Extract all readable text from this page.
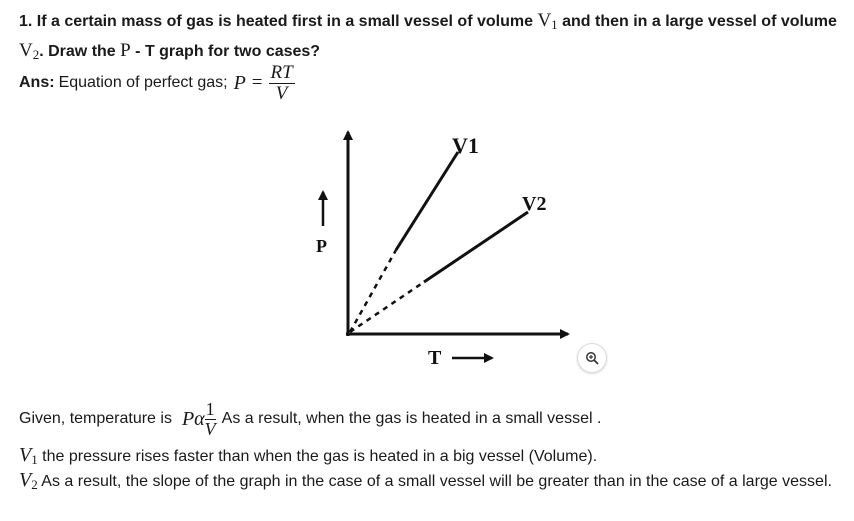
1. If a certain mass of gas is heated first in a small vessel of volume $V_1$ and then in a large vessel of volume $V_2$. Draw the P - T graph for two cases?
Ans: Equation of perfect gas; $P = \frac{RT}{V}$
V1
V2
P
T
Given, temperature is Pα 1
V As a result, when the gas is heated in a small vessel .
$V_1$ the pressure rises faster than when the gas is heated in a big vessel (Volume).
$V_2$ As a result, the slope of the graph in the case of a small vessel will be greater than in the case of a large vessel.
